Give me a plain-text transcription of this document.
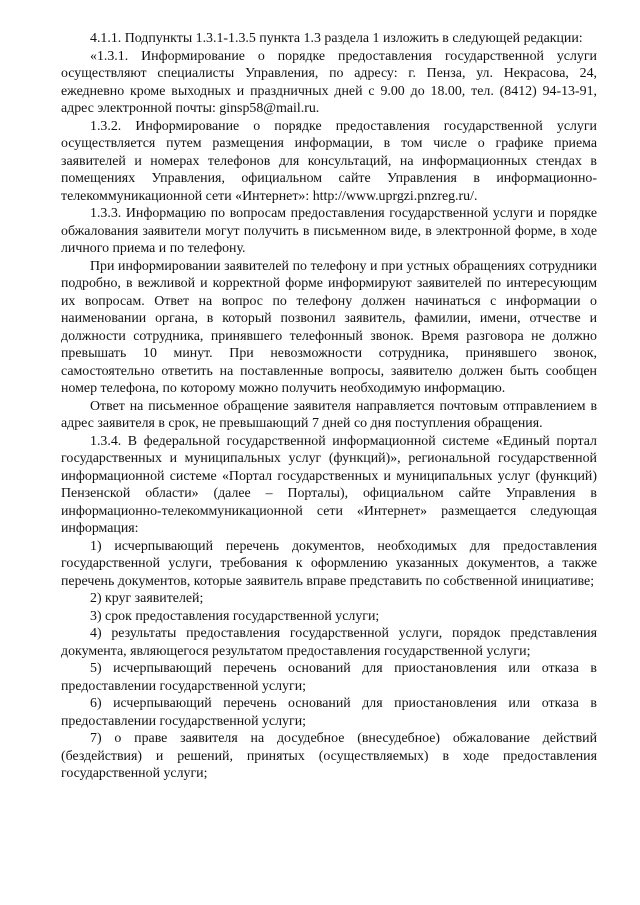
4.1.1. Подпункты 1.3.1-1.3.5 пункта 1.3 раздела 1 изложить в следующей редакции:

«1.3.1. Информирование о порядке предоставления государственной услуги осуществляют специалисты Управления, по адресу: г. Пенза, ул. Некрасова, 24, ежедневно кроме выходных и праздничных дней с 9.00 до 18.00, тел. (8412) 94-13-91, адрес электронной почты: ginsp58@mail.ru.

1.3.2. Информирование о порядке предоставления государственной услуги осуществляется путем размещения информации, в том числе о графике приема заявителей и номерах телефонов для консультаций, на информационных стендах в помещениях Управления, официальном сайте Управления в информационно-телекоммуникационной сети «Интернет»: http://www.uprgzi.pnzreg.ru/.

1.3.3. Информацию по вопросам предоставления государственной услуги и порядке обжалования заявители могут получить в письменном виде, в электронной форме, в ходе личного приема и по телефону.

При информировании заявителей по телефону и при устных обращениях сотрудники подробно, в вежливой и корректной форме информируют заявителей по интересующим их вопросам. Ответ на вопрос по телефону должен начинаться с информации о наименовании органа, в который позвонил заявитель, фамилии, имени, отчестве и должности сотрудника, принявшего телефонный звонок. Время разговора не должно превышать 10 минут. При невозможности сотрудника, принявшего звонок, самостоятельно ответить на поставленные вопросы, заявителю должен быть сообщен номер телефона, по которому можно получить необходимую информацию.

Ответ на письменное обращение заявителя направляется почтовым отправлением в адрес заявителя в срок, не превышающий 7 дней со дня поступления обращения.

1.3.4. В федеральной государственной информационной системе «Единый портал государственных и муниципальных услуг (функций)», региональной государственной информационной системе «Портал государственных и муниципальных услуг (функций) Пензенской области» (далее – Порталы), официальном сайте Управления в информационно-телекоммуникационной сети «Интернет» размещается следующая информация:

1) исчерпывающий перечень документов, необходимых для предоставления государственной услуги, требования к оформлению указанных документов, а также перечень документов, которые заявитель вправе представить по собственной инициативе;

2) круг заявителей;

3) срок предоставления государственной услуги;

4) результаты предоставления государственной услуги, порядок представления документа, являющегося результатом предоставления государственной услуги;

5) исчерпывающий перечень оснований для приостановления или отказа в предоставлении государственной услуги;

6) исчерпывающий перечень оснований для приостановления или отказа в предоставлении государственной услуги;

7) о праве заявителя на досудебное (внесудебное) обжалование действий (бездействия) и решений, принятых (осуществляемых) в ходе предоставления государственной услуги;
